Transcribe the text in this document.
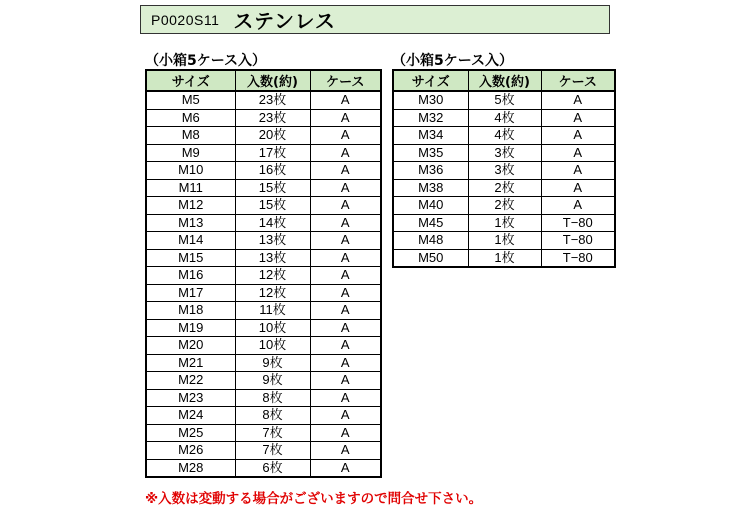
P0020S11 ステンレス
（小箱5ケース入）
サイズ	入数(約)	ケース
M5	23枚	A
M6	23枚	A
M8	20枚	A
M9	17枚	A
M10	16枚	A
M11	15枚	A
M12	15枚	A
M13	14枚	A
M14	13枚	A
M15	13枚	A
M16	12枚	A
M17	12枚	A
M18	11枚	A
M19	10枚	A
M20	10枚	A
M21	9枚	A
M22	9枚	A
M23	8枚	A
M24	8枚	A
M25	7枚	A
M26	7枚	A
M28	6枚	A
（小箱5ケース入）
サイズ	入数(約)	ケース
M30	5枚	A
M32	4枚	A
M34	4枚	A
M35	3枚	A
M36	3枚	A
M38	2枚	A
M40	2枚	A
M45	1枚	T−80
M48	1枚	T−80
M50	1枚	T−80
※入数は変動する場合がございますので問合せ下さい。
